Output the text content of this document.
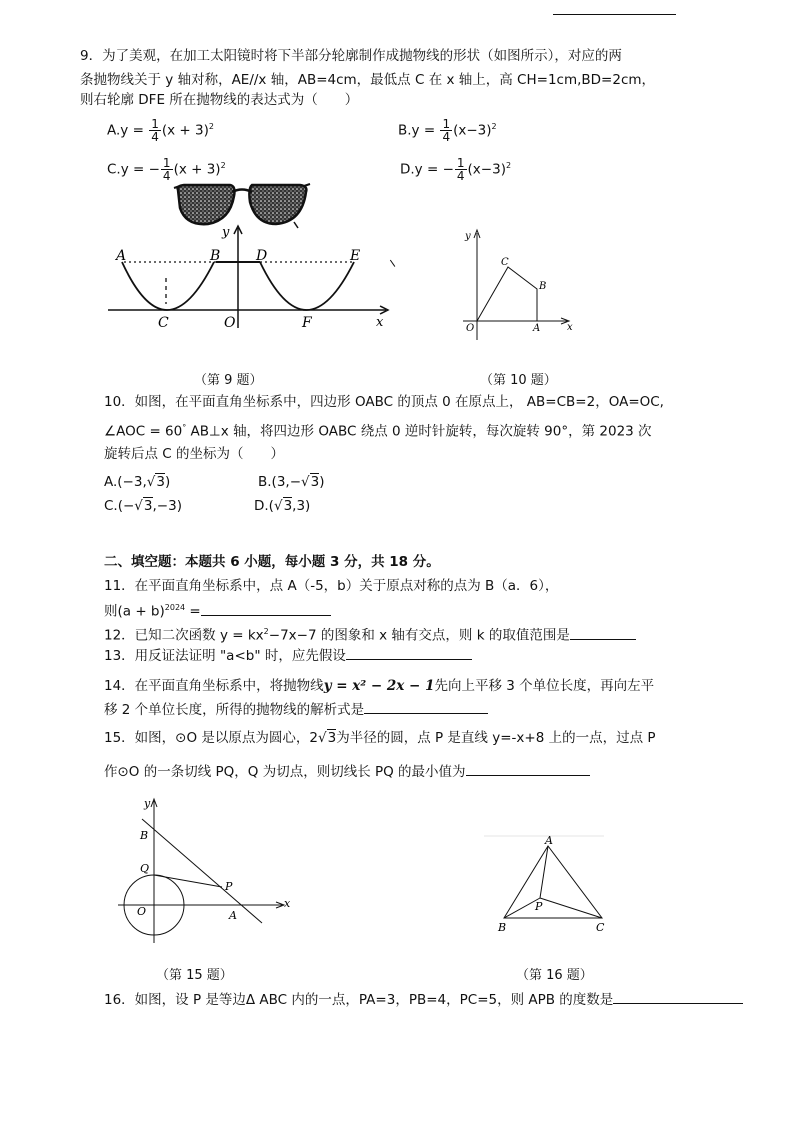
9．为了美观，在加工太阳镜时将下半部分轮廓制作成抛物线的形状（如图所示），对应的两
条抛物线关于 y 轴对称，AE//x 轴，AB=4cm，最低点 C 在 x 轴上，高 CH=1cm,BD=2cm，
则右轮廓 DFE 所在抛物线的表达式为（　　）
$A.y = \frac{1}{4} (x + 3)^2$	$B.y = \frac{1}{4} (x-3)^2$
C.y = − $\frac{1}{4} (x + 3)^2$	D.y = − $\frac{1}{4} (x-3)^2$
A	B	D	E
C	O	F	x
y	y
C
B
O	A	x
（第 9 题）	（第 10 题）
10．如图，在平面直角坐标系中，四边形 OABC 的顶点 0 在原点上， AB=CB=2，OA=OC,
∠AOC = 60° AB⊥x 轴，将四边形 OABC 绕点 0 逆时针旋转，每次旋转 90°，第 2023 次
旋转后点 C 的坐标为（　　）
A.(−3,√3)	B.(3,−√3)
C.(−√3,−3)	D.(√3,3)
二、填空题：本题共 6 小题，每小题 3 分，共 18 分。
11．在平面直角坐标系中，点 A（-5，b）关于原点对称的点为 B（a．6），
则$(a + b)^{2024}$ =
12．已知二次函数 $y = kx^2-7x-7$ 的图象和 x 轴有交点，则 k 的取值范围是
13．用反证法证明 "a<b" 时，应先假设
14．在平面直角坐标系中，将抛物线y = x² − 2x − 1先向上平移 3 个单位长度，再向左平
移 2 个单位长度，所得的抛物线的解析式是
15．如图，⊙O 是以原点为圆心，2√3为半径的圆，点 P 是直线 y=-x+8 上的一点，过点 P
作⊙O 的一条切线 PQ，Q 为切点，则切线长 PQ 的最小值为
y
B
Q
P
O	A
x
A
P
B	C
（第 15 题）	（第 16 题）
16．如图，设 P 是等边Δ ABC 内的一点，PA=3，PB=4，PC=5，则 APB 的度数是
